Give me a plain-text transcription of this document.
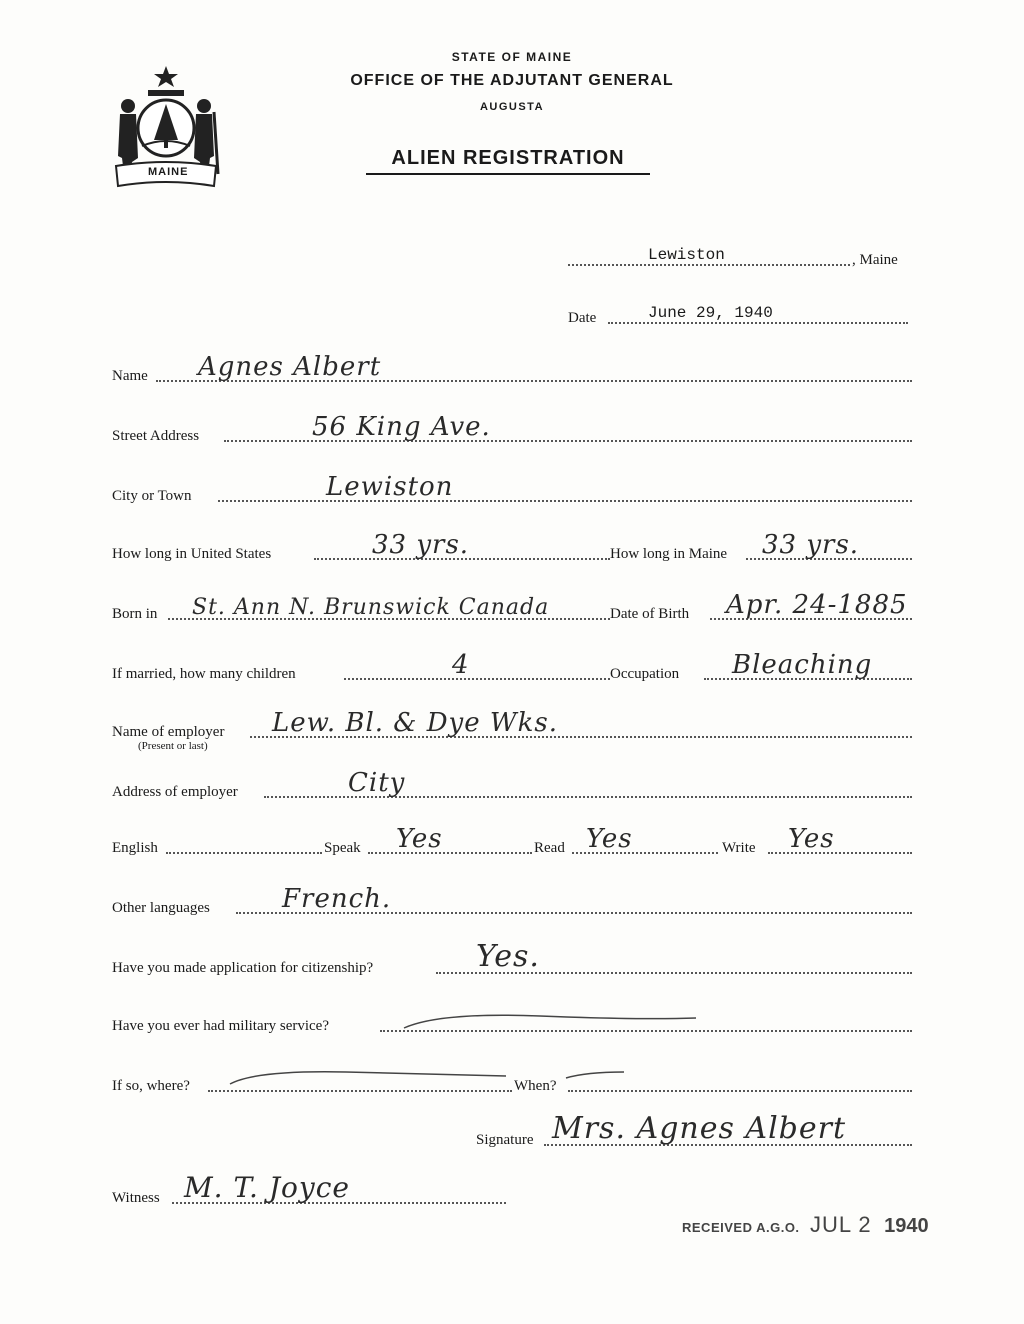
MAINE
STATE OF MAINE
OFFICE OF THE ADJUTANT GENERAL
AUGUSTA
ALIEN REGISTRATION
Lewiston	, Maine
Date	June 29, 1940
Name Agnes Albert
Street Address	56 King Ave.
City or Town	Lewiston
How long in United States	33 yrs.	How long in Maine 33 yrs.
Born in St. Ann N. Brunswick Canada	Date of Birth Apr. 24-1885
If married, how many children	4	Occupation Bleaching
Name of employer Lew. Bl. & Dye Wks.
(Present or last)
Address of employer	City
English	Speak Yes	Read Yes	Write Yes
Other languages	French.
Have you made application for citizenship?	Yes.
Have you ever had military service?
If so, where?	When?
Signature Mrs. Agnes Albert
Witness M. T. Joyce
RECEIVED A.G.O. JUL 2 1940
